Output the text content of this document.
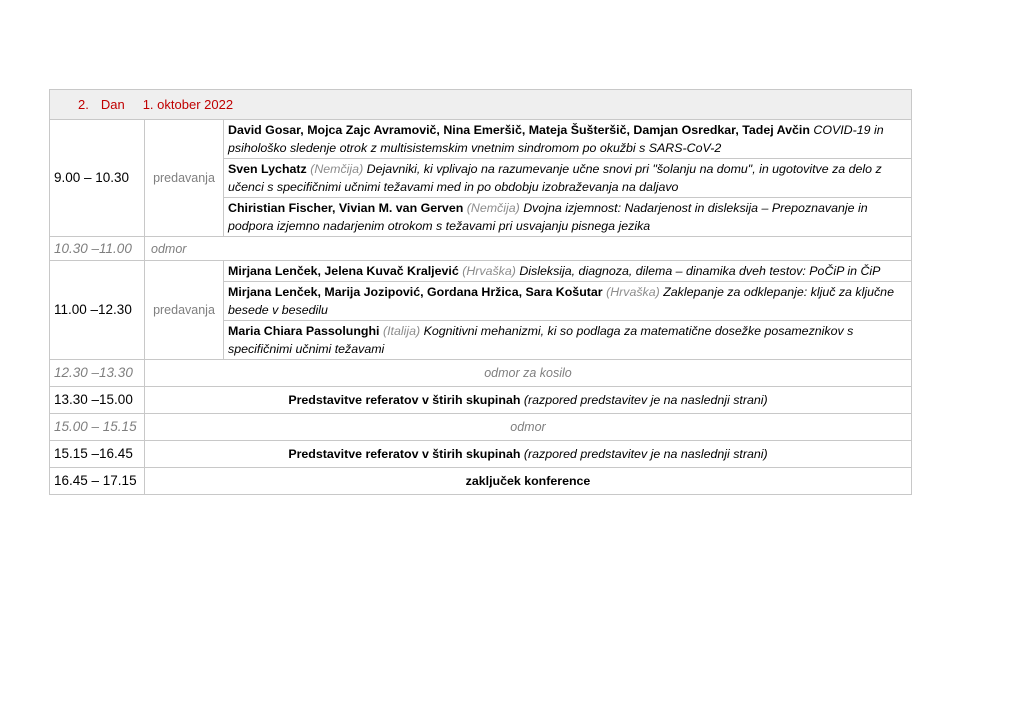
2. Dan 1. oktober 2022		
9.00 – 10.30	predavanja	David Gosar, Mojca Zajc Avramovič, Nina Emeršič, Mateja Šušteršič, Damjan Osredkar, Tadej Avčin COVID-19 in psihološko sledenje otrok z multisistemskim vnetnim sindromom po okužbi s SARS-CoV-2
		Sven Lychatz (Nemčija) Dejavniki, ki vplivajo na razumevanje učne snovi pri "šolanju na domu", in ugotovitve za delo z učenci s specifičnimi učnimi težavami med in po obdobju izobraževanja na daljavo
		Chiristian Fischer, Vivian M. van Gerven (Nemčija) Dvojna izjemnost: Nadarjenost in disleksija – Prepoznavanje in podpora izjemno nadarjenim otrokom s težavami pri usvajanju pisnega jezika
10.30 –11.00	odmor	
11.00 –12.30	predavanja	Mirjana Lenček, Jelena Kuvač Kraljević (Hrvaška) Disleksija, diagnoza, dilema – dinamika dveh testov: PoČiP in ČiP
		Mirjana Lenček, Marija Jozipović, Gordana Hržica, Sara Košutar (Hrvaška) Zaklepanje za odklepanje: ključ za ključne besede v besedilu
		Maria Chiara Passolunghi (Italija) Kognitivni mehanizmi, ki so podlaga za matematične dosežke posameznikov s specifičnimi učnimi težavami
12.30 –13.30	odmor za kosilo	
13.30 –15.00	Predstavitve referatov v štirih skupinah (razpored predstavitev je na naslednji strani)	
15.00 – 15.15	odmor	
15.15 –16.45	Predstavitve referatov v štirih skupinah (razpored predstavitev je na naslednji strani)	
16.45 – 17.15	zaključek konference	
